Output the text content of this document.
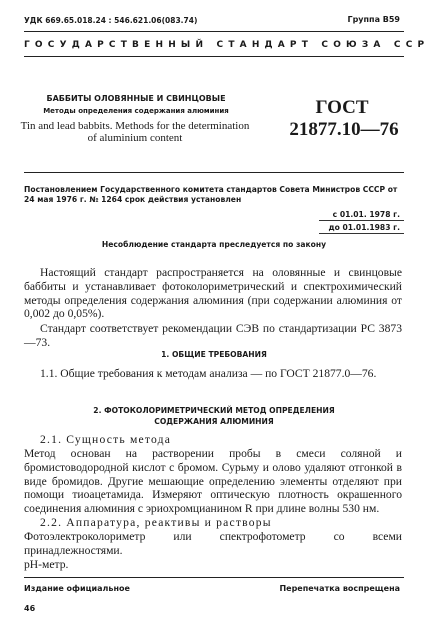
УДК 669.65.018.24 : 546.621.06(083.74)	Группа В59
ГОСУДАРСТВЕННЫЙ СТАНДАРТ СОЮЗА ССР
БАББИТЫ ОЛОВЯННЫЕ И СВИНЦОВЫЕ
Методы определения содержания алюминия
Tin and lead babbits. Methods for the determination of aluminium content
ГОСТ
21877.10—76
Постановлением Государственного комитета стандартов Совета Министров СССР от 24 мая 1976 г. № 1264 срок действия установлен
с 01.01. 1978 г.
до 01.01.1983 г.
Несоблюдение стандарта преследуется по закону
Настоящий стандарт распространяется на оловянные и свинцовые баббиты и устанавливает фотоколориметрический и спектрохимический методы определения содержания алюминия (при содержании алюминия от 0,002 до 0,05%).
Стандарт соответствует рекомендации СЭВ по стандартизации РС 3873—73.
1. ОБЩИЕ ТРЕБОВАНИЯ
1.1. Общие требования к методам анализа — по ГОСТ 21877.0—76.
2. ФОТОКОЛОРИМЕТРИЧЕСКИЙ МЕТОД ОПРЕДЕЛЕНИЯ
СОДЕРЖАНИЯ АЛЮМИНИЯ
2.1. Сущность метода
Метод основан на растворении пробы в смеси соляной и бромистоводородной кислот с бромом. Сурьму и олово удаляют отгонкой в виде бромидов. Другие мешающие определению элементы отделяют при помощи тиоацетамида. Измеряют оптическую плотность окрашенного соединения алюминия с эриохромцианином R при длине волны 530 нм.
2.2. Аппаратура, реактивы и растворы
Фотоэлектроколориметр или спектрофотометр со всеми принадлежностями.
pH-метр.
Издание официальное	Перепечатка воспрещена
46
